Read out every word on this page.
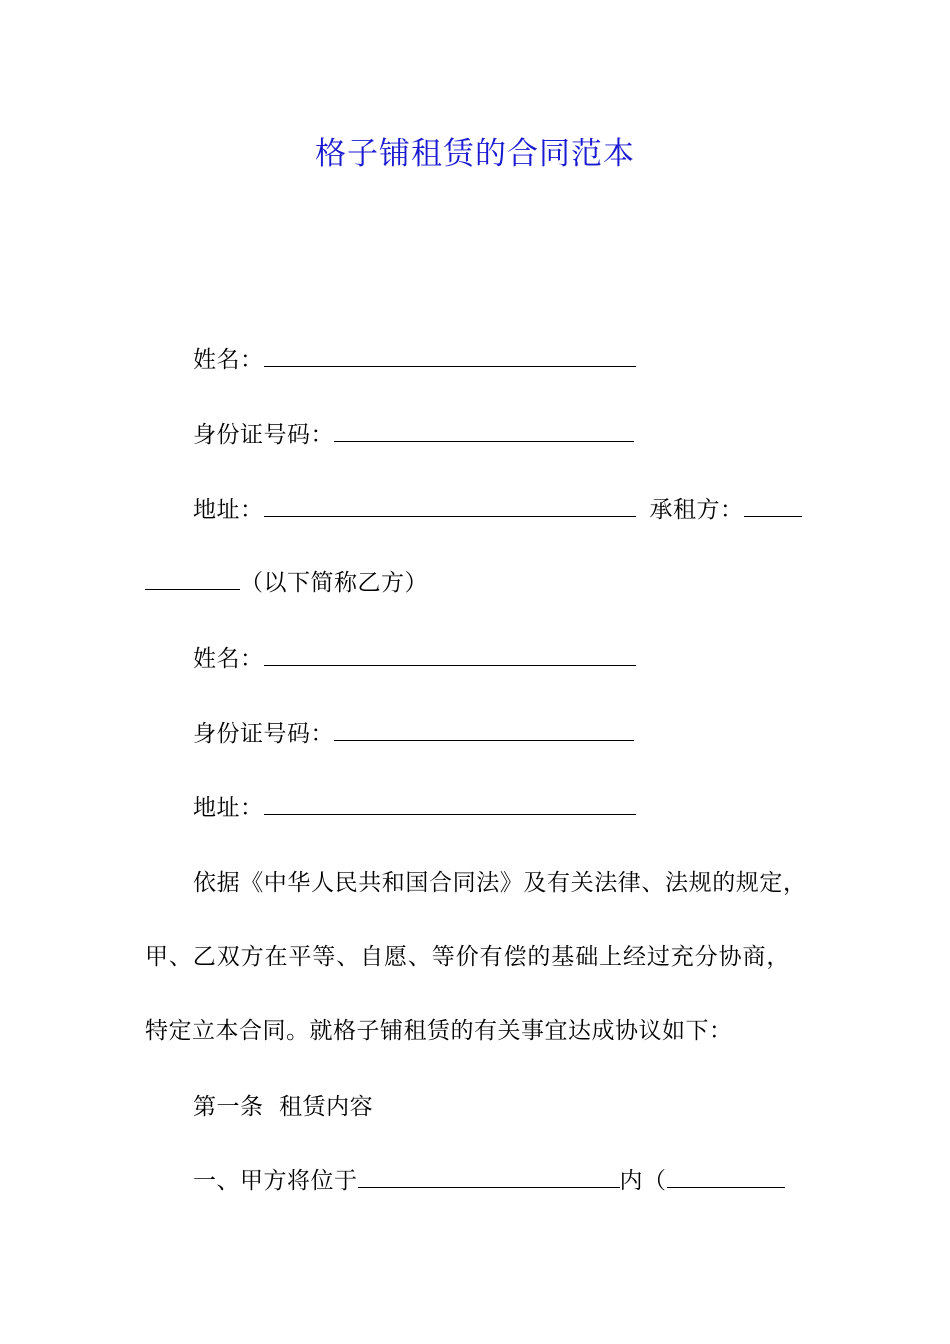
格子铺租赁的合同范本
姓名：
身份证号码：
地址：	承租方：
（以下简称乙方）
姓名：
身份证号码：
地址：
依据《中华人民共和国合同法》及有关法律、法规的规定，
甲、乙双方在平等、自愿、等价有偿的基础上经过充分协商，
特定立本合同。就格子铺租赁的有关事宜达成协议如下：
第一条  租赁内容
一、甲方将位于	内（
